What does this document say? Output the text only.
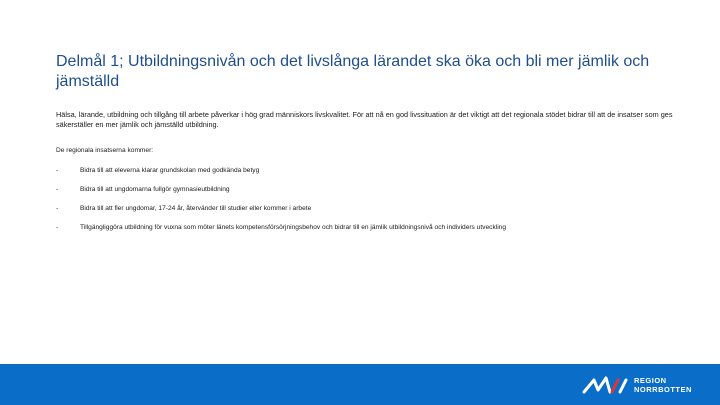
Delmål 1; Utbildningsnivån och det livslånga lärandet ska öka och bli mer jämlik och jämställd
Hälsa, lärande, utbildning och tillgång till arbete påverkar i hög grad människors livskvalitet. För att nå en god livssituation är det viktigt att det regionala stödet bidrar till att de insatser som ges säkerställer en mer jämlik och jämställd utbildning.
De regionala insatserna kommer:
-	Bidra till att eleverna klarar grundskolan med godkända betyg
-	Bidra till att ungdomarna fullgör gymnasieutbildning
-	Bidra till att fler ungdomar, 17-24 år, återvänder till studier eller kommer i arbete
-	Tillgängliggöra utbildning för vuxna som möter länets kompetensförsörjningsbehov och bidrar till en jämlik utbildningsnivå och individers utveckling
REGION
NORRBOTTEN
